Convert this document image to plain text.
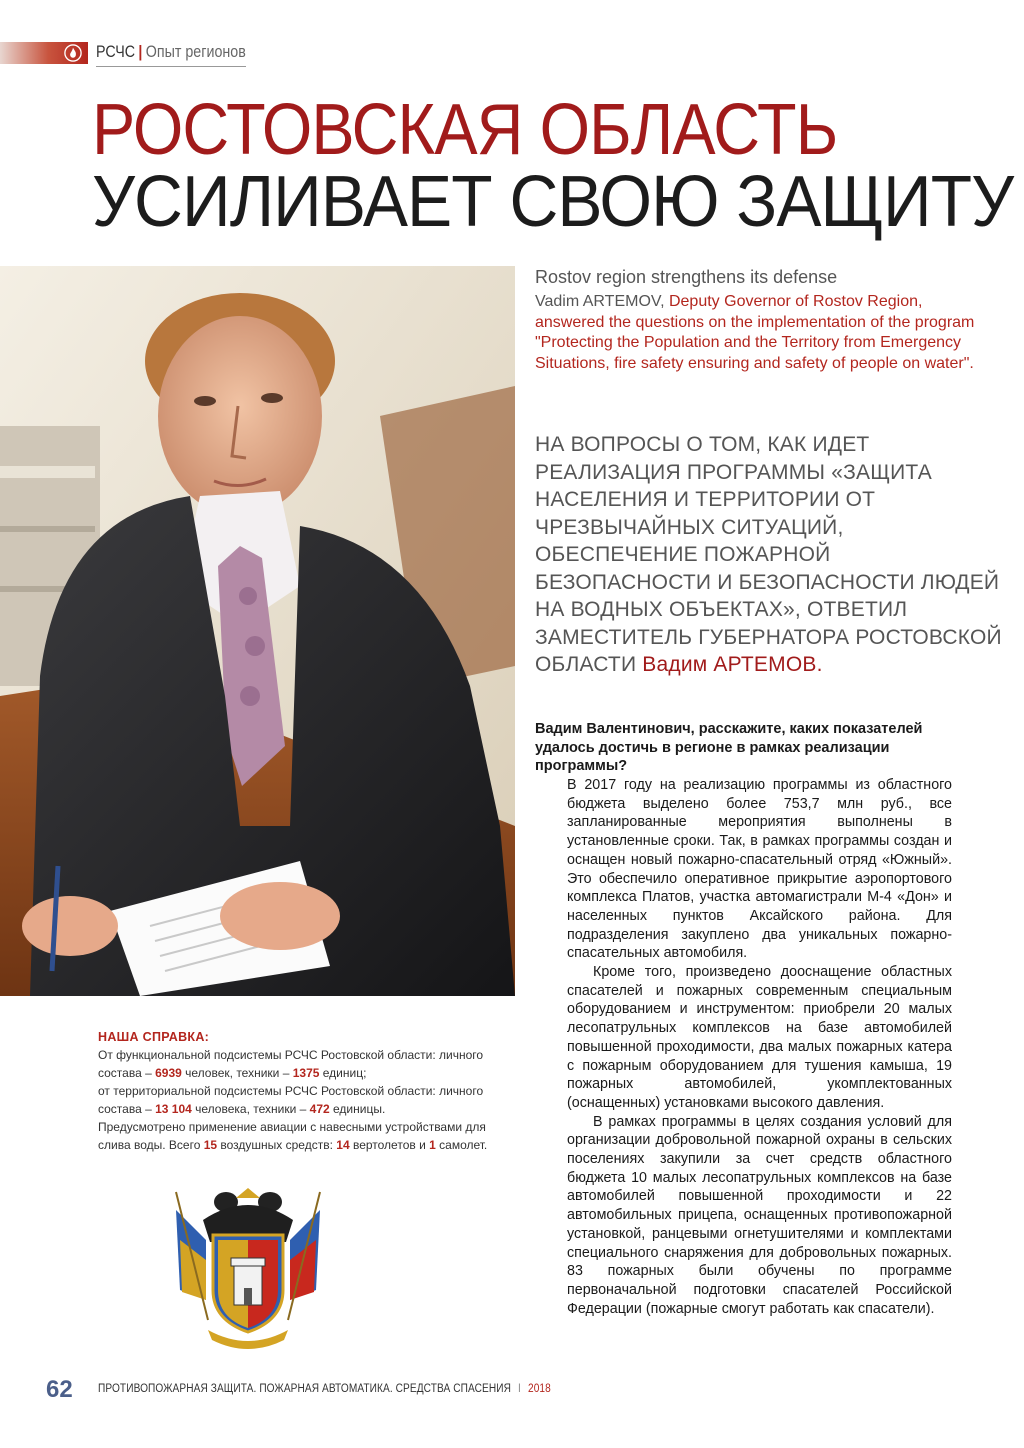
РСЧС | Опыт регионов
РОСТОВСКАЯ ОБЛАСТЬ
УСИЛИВАЕТ СВОЮ ЗАЩИТУ
Rostov region strengthens its defense
Vadim ARTEMOV, Deputy Governor of Rostov Region, answered the questions on the implementation of the program "Protecting the Population and the Territory from Emergency Situations, fire safety ensuring and safety of people on water".
НА ВОПРОСЫ О ТОМ, КАК ИДЕТ РЕАЛИЗАЦИЯ ПРОГРАММЫ «ЗАЩИТА НАСЕЛЕНИЯ И ТЕРРИТОРИИ ОТ ЧРЕЗВЫЧАЙНЫХ СИТУАЦИЙ, ОБЕСПЕЧЕНИЕ ПОЖАРНОЙ БЕЗОПАСНОСТИ И БЕЗОПАСНОСТИ ЛЮДЕЙ НА ВОДНЫХ ОБЪЕКТАХ», ОТВЕТИЛ ЗАМЕСТИТЕЛЬ ГУБЕРНАТОРА РОСТОВСКОЙ ОБЛАСТИ Вадим АРТЕМОВ.
Вадим Валентинович, расскажите, каких показателей удалось достичь в регионе в рамках реализации программы?

В 2017 году на реализацию программы из областного бюджета выделено более 753,7 млн руб., все запланированные мероприятия выполнены в установленные сроки. Так, в рамках программы создан и оснащен новый пожарно-спасательный отряд «Южный». Это обеспечило оперативное прикрытие аэропортового комплекса Платов, участка автомагистрали М-4 «Дон» и населенных пунктов Аксайского района. Для подразделения закуплено два уникальных пожарно-спасательных автомобиля.

Кроме того, произведено дооснащение областных спасателей и пожарных современным специальным оборудованием и инструментом: приобрели 20 малых лесопатрульных комплексов на базе автомобилей повышенной проходимости, два малых пожарных катера с пожарным оборудованием для тушения камыша, 19 пожарных автомобилей, укомплектованных (оснащенных) установками высокого давления.

В рамках программы в целях создания условий для организации добровольной пожарной охраны в сельских поселениях закупили за счет средств областного бюджета 10 малых лесопатрульных комплексов на базе автомобилей повышенной проходимости и 22 автомобильных прицепа, оснащенных противопожарной установкой, ранцевыми огнетушителями и комплектами специального снаряжения для добровольных пожарных. 83 пожарных были обучены по программе первоначальной подготовки спасателей Российской Федерации (пожарные смогут работать как спасатели).

НАША СПРАВКА:
От функциональной подсистемы РСЧС Ростовской области: личного состава – 6939 человек, техники – 1375 единиц;
от территориальной подсистемы РСЧС Ростовской области: личного состава – 13 104 человека, техники – 472 единицы.
Предусмотрено применение авиации с навесными устройствами для слива воды. Всего 15 воздушных средств: 14 вертолетов и 1 самолет.
62 ПРОТИВОПОЖАРНАЯ ЗАЩИТА. ПОЖАРНАЯ АВТОМАТИКА. СРЕДСТВА СПАСЕНИЯ I 2018
